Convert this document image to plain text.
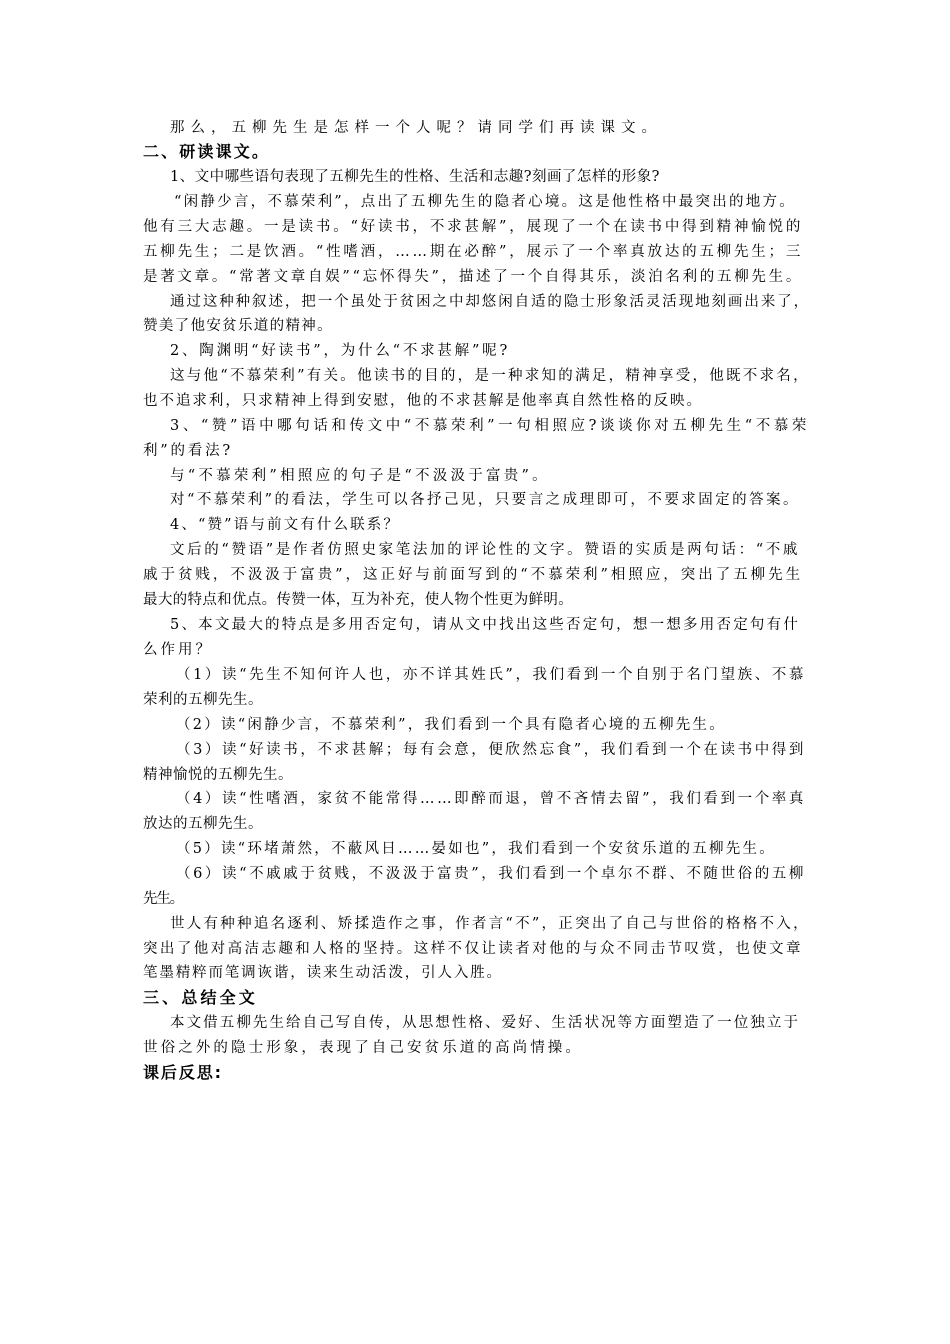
那么，五柳先生是怎样一个人呢？请同学们再读课文。
二、研读课文。
1、文中哪些语句表现了五柳先生的性格、生活和志趣?刻画了怎样的形象?
“闲静少言，不慕荣利”，点出了五柳先生的隐者心境。这是他性格中最突出的地方。
他有三大志趣。一是读书。“好读书，不求甚解”，展现了一个在读书中得到精神愉悦的
五柳先生；二是饮酒。“性嗜酒，……期在必醉”，展示了一个率真放达的五柳先生；三
是著文章。“常著文章自娱”“忘怀得失”，描述了一个自得其乐，淡泊名利的五柳先生。
通过这种种叙述，把一个虽处于贫困之中却悠闲自适的隐士形象活灵活现地刻画出来了，
赞美了他安贫乐道的精神。
2、陶渊明“好读书”，为什么“不求甚解”呢?
这与他“不慕荣利”有关。他读书的目的，是一种求知的满足，精神享受，他既不求名，
也不追求利，只求精神上得到安慰，他的不求甚解是他率真自然性格的反映。
3、“赞”语中哪句话和传文中“不慕荣利”一句相照应?谈谈你对五柳先生“不慕荣
利”的看法?
与“不慕荣利”相照应的句子是“不汲汲于富贵”。
对“不慕荣利”的看法，学生可以各抒己见，只要言之成理即可，不要求固定的答案。
4、“赞”语与前文有什么联系？
文后的“赞语”是作者仿照史家笔法加的评论性的文字。赞语的实质是两句话：“不戚
戚于贫贱，不汲汲于富贵”，这正好与前面写到的“不慕荣利”相照应，突出了五柳先生
最大的特点和优点。传赞一体，互为补充，使人物个性更为鲜明。
5、本文最大的特点是多用否定句，请从文中找出这些否定句，想一想多用否定句有什
么作用？
（1）读“先生不知何许人也，亦不详其姓氏”，我们看到一个自别于名门望族、不慕
荣利的五柳先生。
（2）读“闲静少言，不慕荣利”，我们看到一个具有隐者心境的五柳先生。
（3）读“好读书，不求甚解；每有会意，便欣然忘食”，我们看到一个在读书中得到
精神愉悦的五柳先生。
（4）读“性嗜酒，家贫不能常得……即醉而退，曾不吝情去留”，我们看到一个率真
放达的五柳先生。
（5）读“环堵萧然，不蔽风日……晏如也”，我们看到一个安贫乐道的五柳先生。
（6）读“不戚戚于贫贱，不汲汲于富贵”，我们看到一个卓尔不群、不随世俗的五柳
先生。
世人有种种追名逐利、矫揉造作之事，作者言“不”，正突出了自己与世俗的格格不入，
突出了他对高洁志趣和人格的坚持。这样不仅让读者对他的与众不同击节叹赏，也使文章
笔墨精粹而笔调诙谐，读来生动活泼，引人入胜。
三、总结全文
本文借五柳先生给自己写自传，从思想性格、爱好、生活状况等方面塑造了一位独立于
世俗之外的隐士形象，表现了自己安贫乐道的高尚情操。
课后反思:
